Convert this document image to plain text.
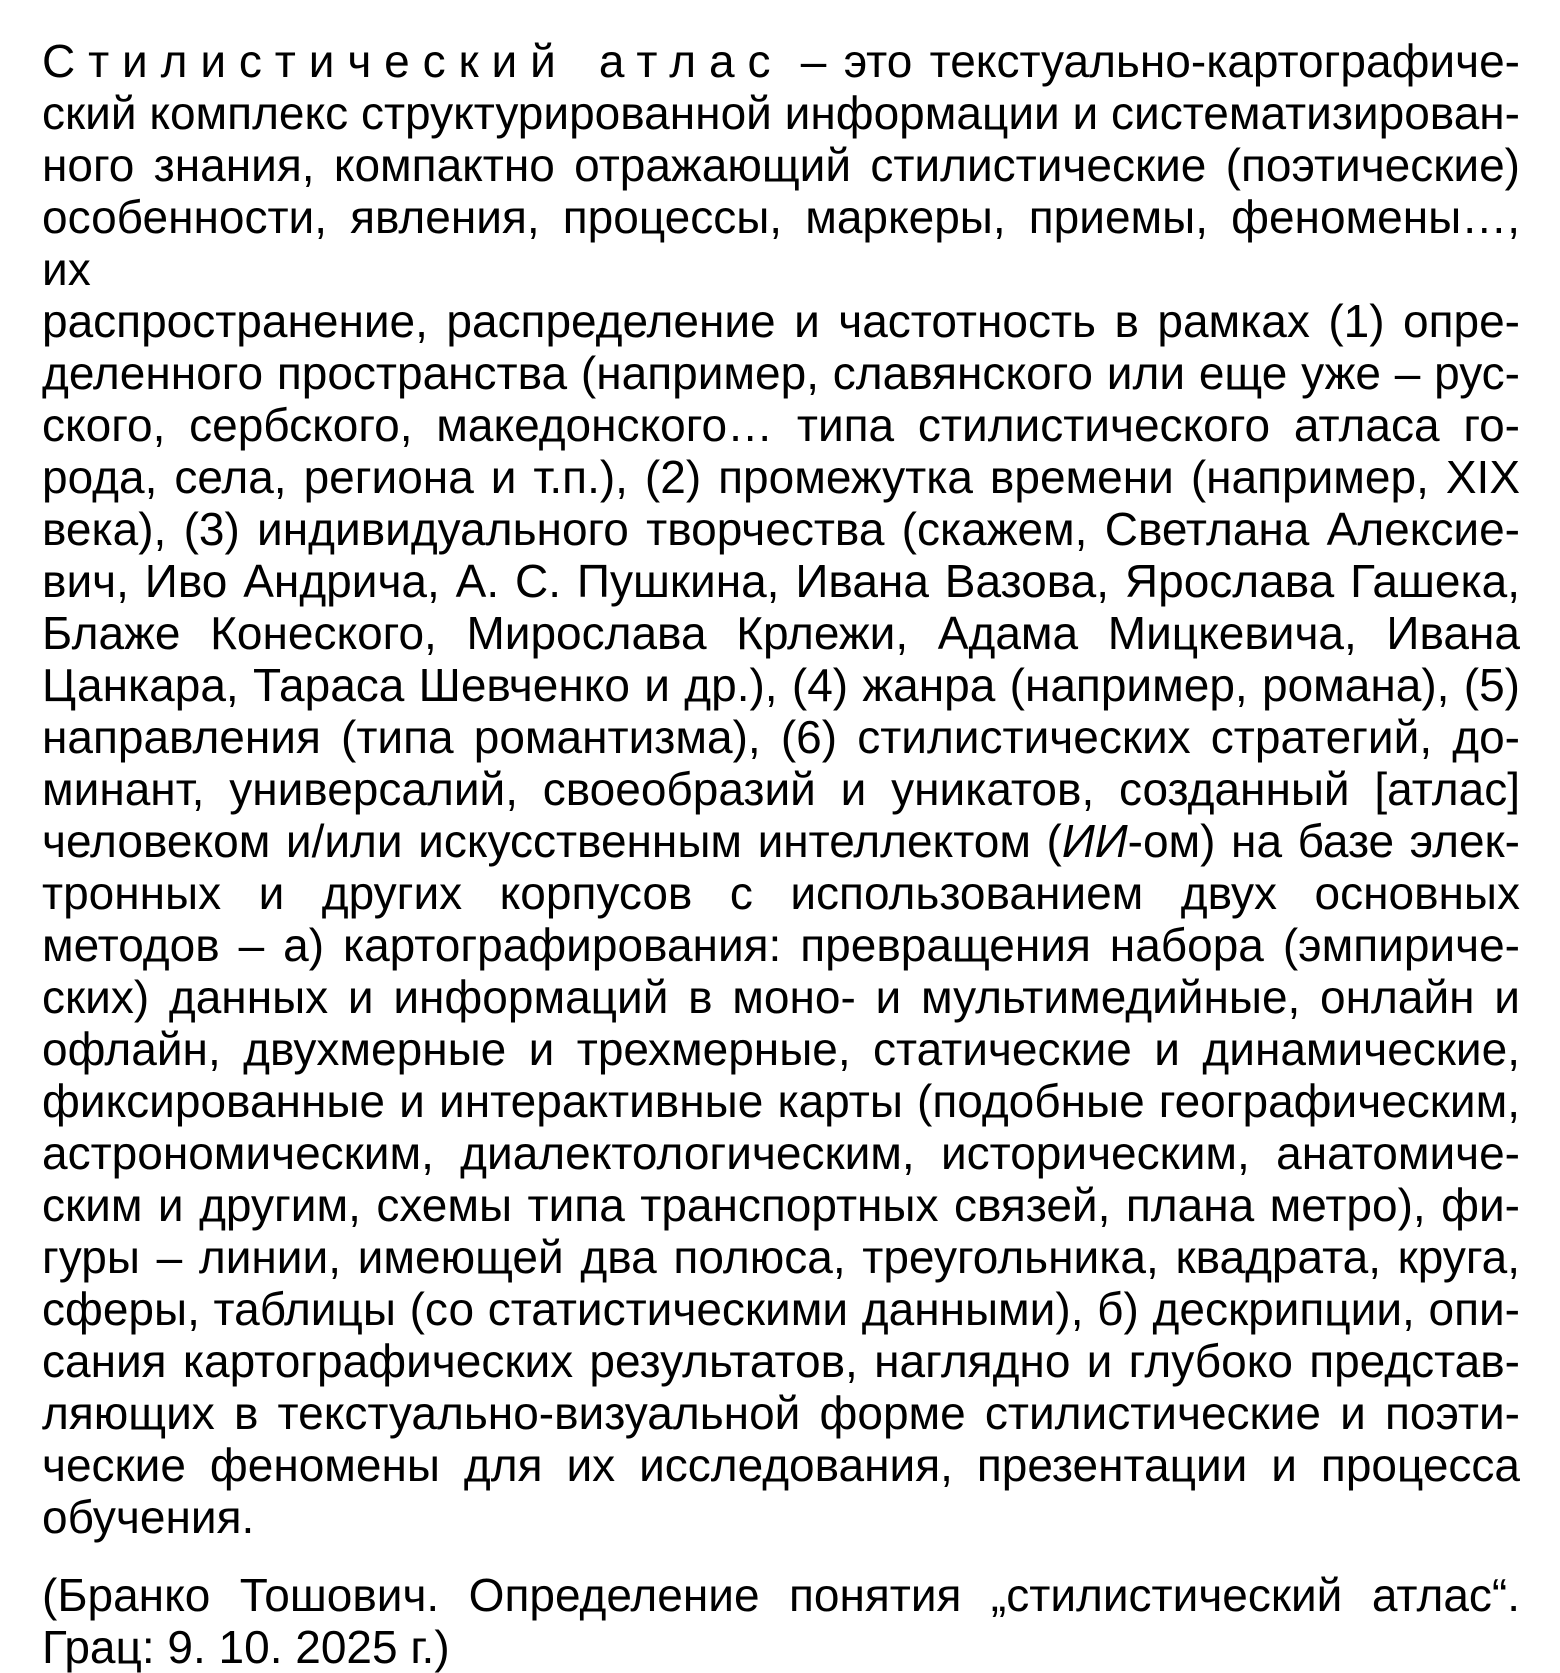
Стилистический атлас – это текстуально-картографиче-
ский комплекс структурированной информации и систематизирован-
ного знания, компактно отражающий стилистические (поэтические)
особенности, явления, процессы, маркеры, приемы, феномены…, их
распространение, распределение и частотность в рамках (1) опре-
деленного пространства (например, славянского или еще уже – рус-
ского, сербского, македонского… типа стилистического атласа го-
рода, села, региона и т.п.), (2) промежутка времени (например, XIX
века), (3) индивидуального творчества (скажем, Светлана Алексие-
вич, Иво Андрича, А. С. Пушкина, Ивана Вазова, Ярослава Гашека,
Блаже Конеского, Мирослава Крлежи, Адама Мицкевича, Ивана
Цанкара, Тараса Шевченко и др.), (4) жанра (например, романа), (5)
направления (типа романтизма), (6) стилистических стратегий, до-
минант, универсалий, своеобразий и уникатов, созданный [атлас]
человеком и/или искусственным интеллектом (ИИ-ом) на базе элек-
тронных и других корпусов с использованием двух основных
методов – а) картографирования: превращения набора (эмпириче-
ских) данных и информаций в моно- и мультимедийные, онлайн и
офлайн, двухмерные и трехмерные, статические и динамические,
фиксированные и интерактивные карты (подобные географическим,
астрономическим, диалектологическим, историческим, анатомиче-
ским и другим, схемы типа транспортных связей, плана метро), фи-
гуры – линии, имеющей два полюса, треугольника, квадрата, круга,
сферы, таблицы (со статистическими данными), б) дескрипции, опи-
сания картографических результатов, наглядно и глубоко представ-
ляющих в текстуально-визуальной форме стилистические и поэти-
ческие феномены для их исследования, презентации и процесса
обучения.
(Бранко Тошович. Определение понятия „стилистический атлас“.
Грац: 9. 10. 2025 г.)
